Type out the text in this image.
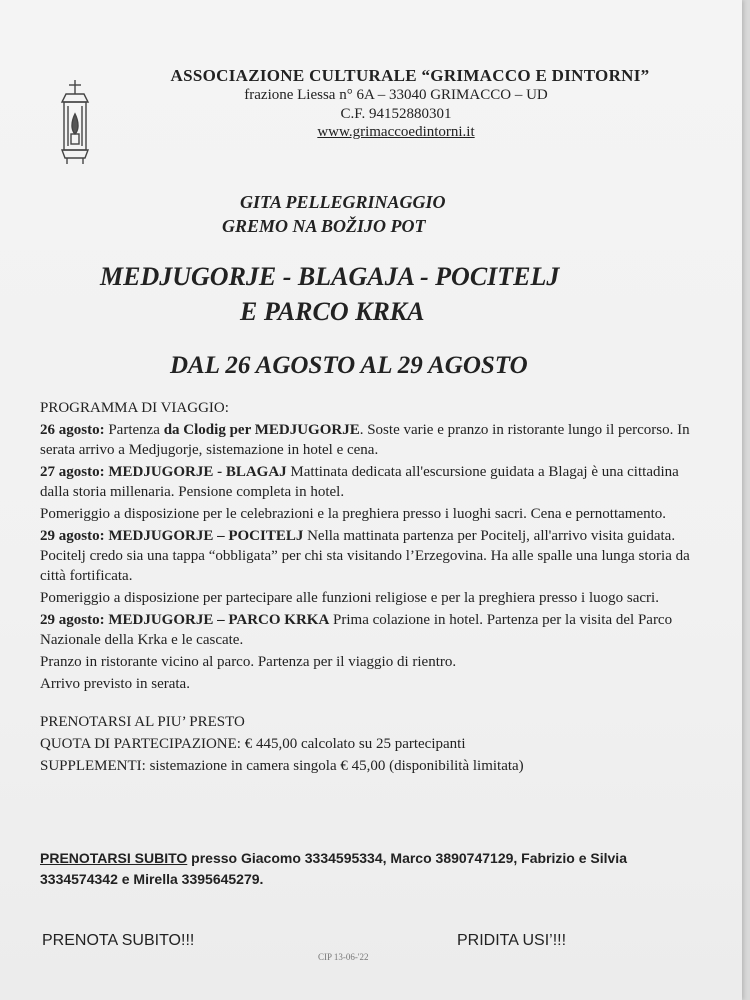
ASSOCIAZIONE CULTURALE “GRIMACCO E DINTORNI”
frazione Liessa n° 6A – 33040 GRIMACCO – UD
C.F. 94152880301
www.grimaccoedintorni.it
GITA PELLEGRINAGGIO
GREMO NA BOŽIJO POT
MEDJUGORJE - BLAGAJA - POCITELJ
E PARCO KRKA
DAL 26 AGOSTO AL 29 AGOSTO

PROGRAMMA DI VIAGGIO:

26 agosto: Partenza da Clodig per MEDJUGORJE. Soste varie e pranzo in ristorante lungo il percorso. In serata arrivo a Medjugorje, sistemazione in hotel e cena.

27 agosto: MEDJUGORJE - BLAGAJ Mattinata dedicata all'escursione guidata a Blagaj è una cittadina dalla storia millenaria. Pensione completa in hotel.

Pomeriggio a disposizione per le celebrazioni e la preghiera presso i luoghi sacri. Cena e pernottamento.

29 agosto: MEDJUGORJE – POCITELJ Nella mattinata partenza per Pocitelj, all'arrivo visita guidata. Pocitelj credo sia una tappa “obbligata” per chi sta visitando l’Erzegovina. Ha alle spalle una lunga storia da città fortificata.

Pomeriggio a disposizione per partecipare alle funzioni religiose e per la preghiera presso i luogo sacri.

29 agosto: MEDJUGORJE – PARCO KRKA Prima colazione in hotel. Partenza per la visita del Parco Nazionale della Krka e le cascate.

Pranzo in ristorante vicino al parco. Partenza per il viaggio di rientro.

Arrivo previsto in serata.

PRENOTARSI AL PIU’ PRESTO
QUOTA DI PARTECIPAZIONE: € 445,00 calcolato su 25 partecipanti
SUPPLEMENTI: sistemazione in camera singola € 45,00 (disponibilità limitata)
PRENOTARSI SUBITO presso Giacomo 3334595334, Marco 3890747129, Fabrizio e Silvia 3334574342 e Mirella 3395645279.
PRENOTA SUBITO!!!	PRIDITA USI’!!!
CIP 13-06-'22
